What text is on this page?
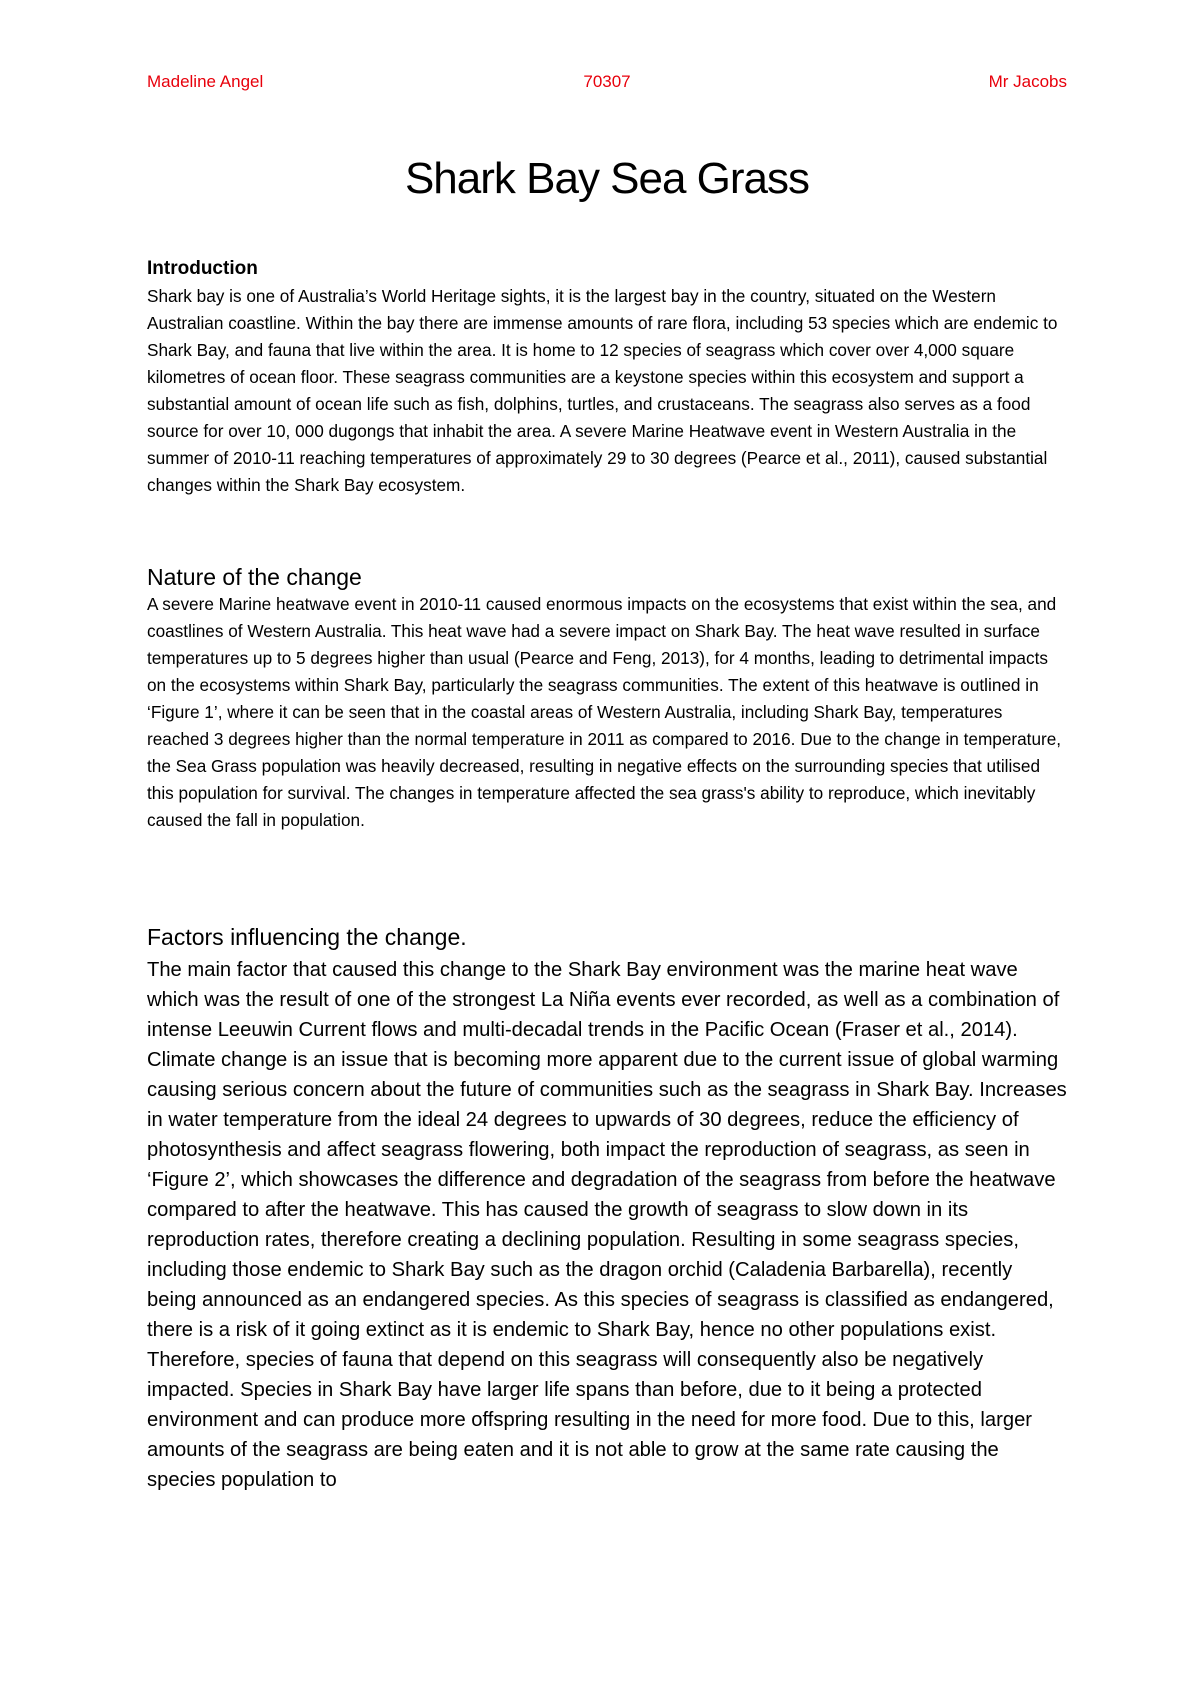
Madeline Angel	70307	Mr Jacobs
Shark Bay Sea Grass
Introduction

Shark bay is one of Australia’s World Heritage sights, it is the largest bay in the country, situated on the Western Australian coastline. Within the bay there are immense amounts of rare flora, including 53 species which are endemic to Shark Bay, and fauna that live within the area. It is home to 12 species of seagrass which cover over 4,000 square kilometres of ocean floor. These seagrass communities are a keystone species within this ecosystem and support a substantial amount of ocean life such as fish, dolphins, turtles, and crustaceans. The seagrass also serves as a food source for over 10, 000 dugongs that inhabit the area. A severe Marine Heatwave event in Western Australia in the summer of 2010-11 reaching temperatures of approximately 29 to 30 degrees (Pearce et al., 2011), caused substantial changes within the Shark Bay ecosystem.

Nature of the change

A severe Marine heatwave event in 2010-11 caused enormous impacts on the ecosystems that exist within the sea, and coastlines of Western Australia. This heat wave had a severe impact on Shark Bay. The heat wave resulted in surface temperatures up to 5 degrees higher than usual (Pearce and Feng, 2013), for 4 months, leading to detrimental impacts on the ecosystems within Shark Bay, particularly the seagrass communities. The extent of this heatwave is outlined in ‘Figure 1’, where it can be seen that in the coastal areas of Western Australia, including Shark Bay, temperatures reached 3 degrees higher than the normal temperature in 2011 as compared to 2016. Due to the change in temperature, the Sea Grass population was heavily decreased, resulting in negative effects on the surrounding species that utilised this population for survival. The changes in temperature affected the sea grass's ability to reproduce, which inevitably caused the fall in population.

Factors influencing the change.

The main factor that caused this change to the Shark Bay environment was the marine heat wave which was the result of one of the strongest La Niña events ever recorded, as well as a combination of intense Leeuwin Current flows and multi-decadal trends in the Pacific Ocean (Fraser et al., 2014). Climate change is an issue that is becoming more apparent due to the current issue of global warming causing serious concern about the future of communities such as the seagrass in Shark Bay. Increases in water temperature from the ideal 24 degrees to upwards of 30 degrees, reduce the efficiency of photosynthesis and affect seagrass flowering, both impact the reproduction of seagrass, as seen in ‘Figure 2’, which showcases the difference and degradation of the seagrass from before the heatwave compared to after the heatwave. This has caused the growth of seagrass to slow down in its reproduction rates, therefore creating a declining population. Resulting in some seagrass species, including those endemic to Shark Bay such as the dragon orchid (Caladenia Barbarella), recently being announced as an endangered species. As this species of seagrass is classified as endangered, there is a risk of it going extinct as it is endemic to Shark Bay, hence no other populations exist. Therefore, species of fauna that depend on this seagrass will consequently also be negatively impacted. Species in Shark Bay have larger life spans than before, due to it being a protected environment and can produce more offspring resulting in the need for more food. Due to this, larger amounts of the seagrass are being eaten and it is not able to grow at the same rate causing the species population to
